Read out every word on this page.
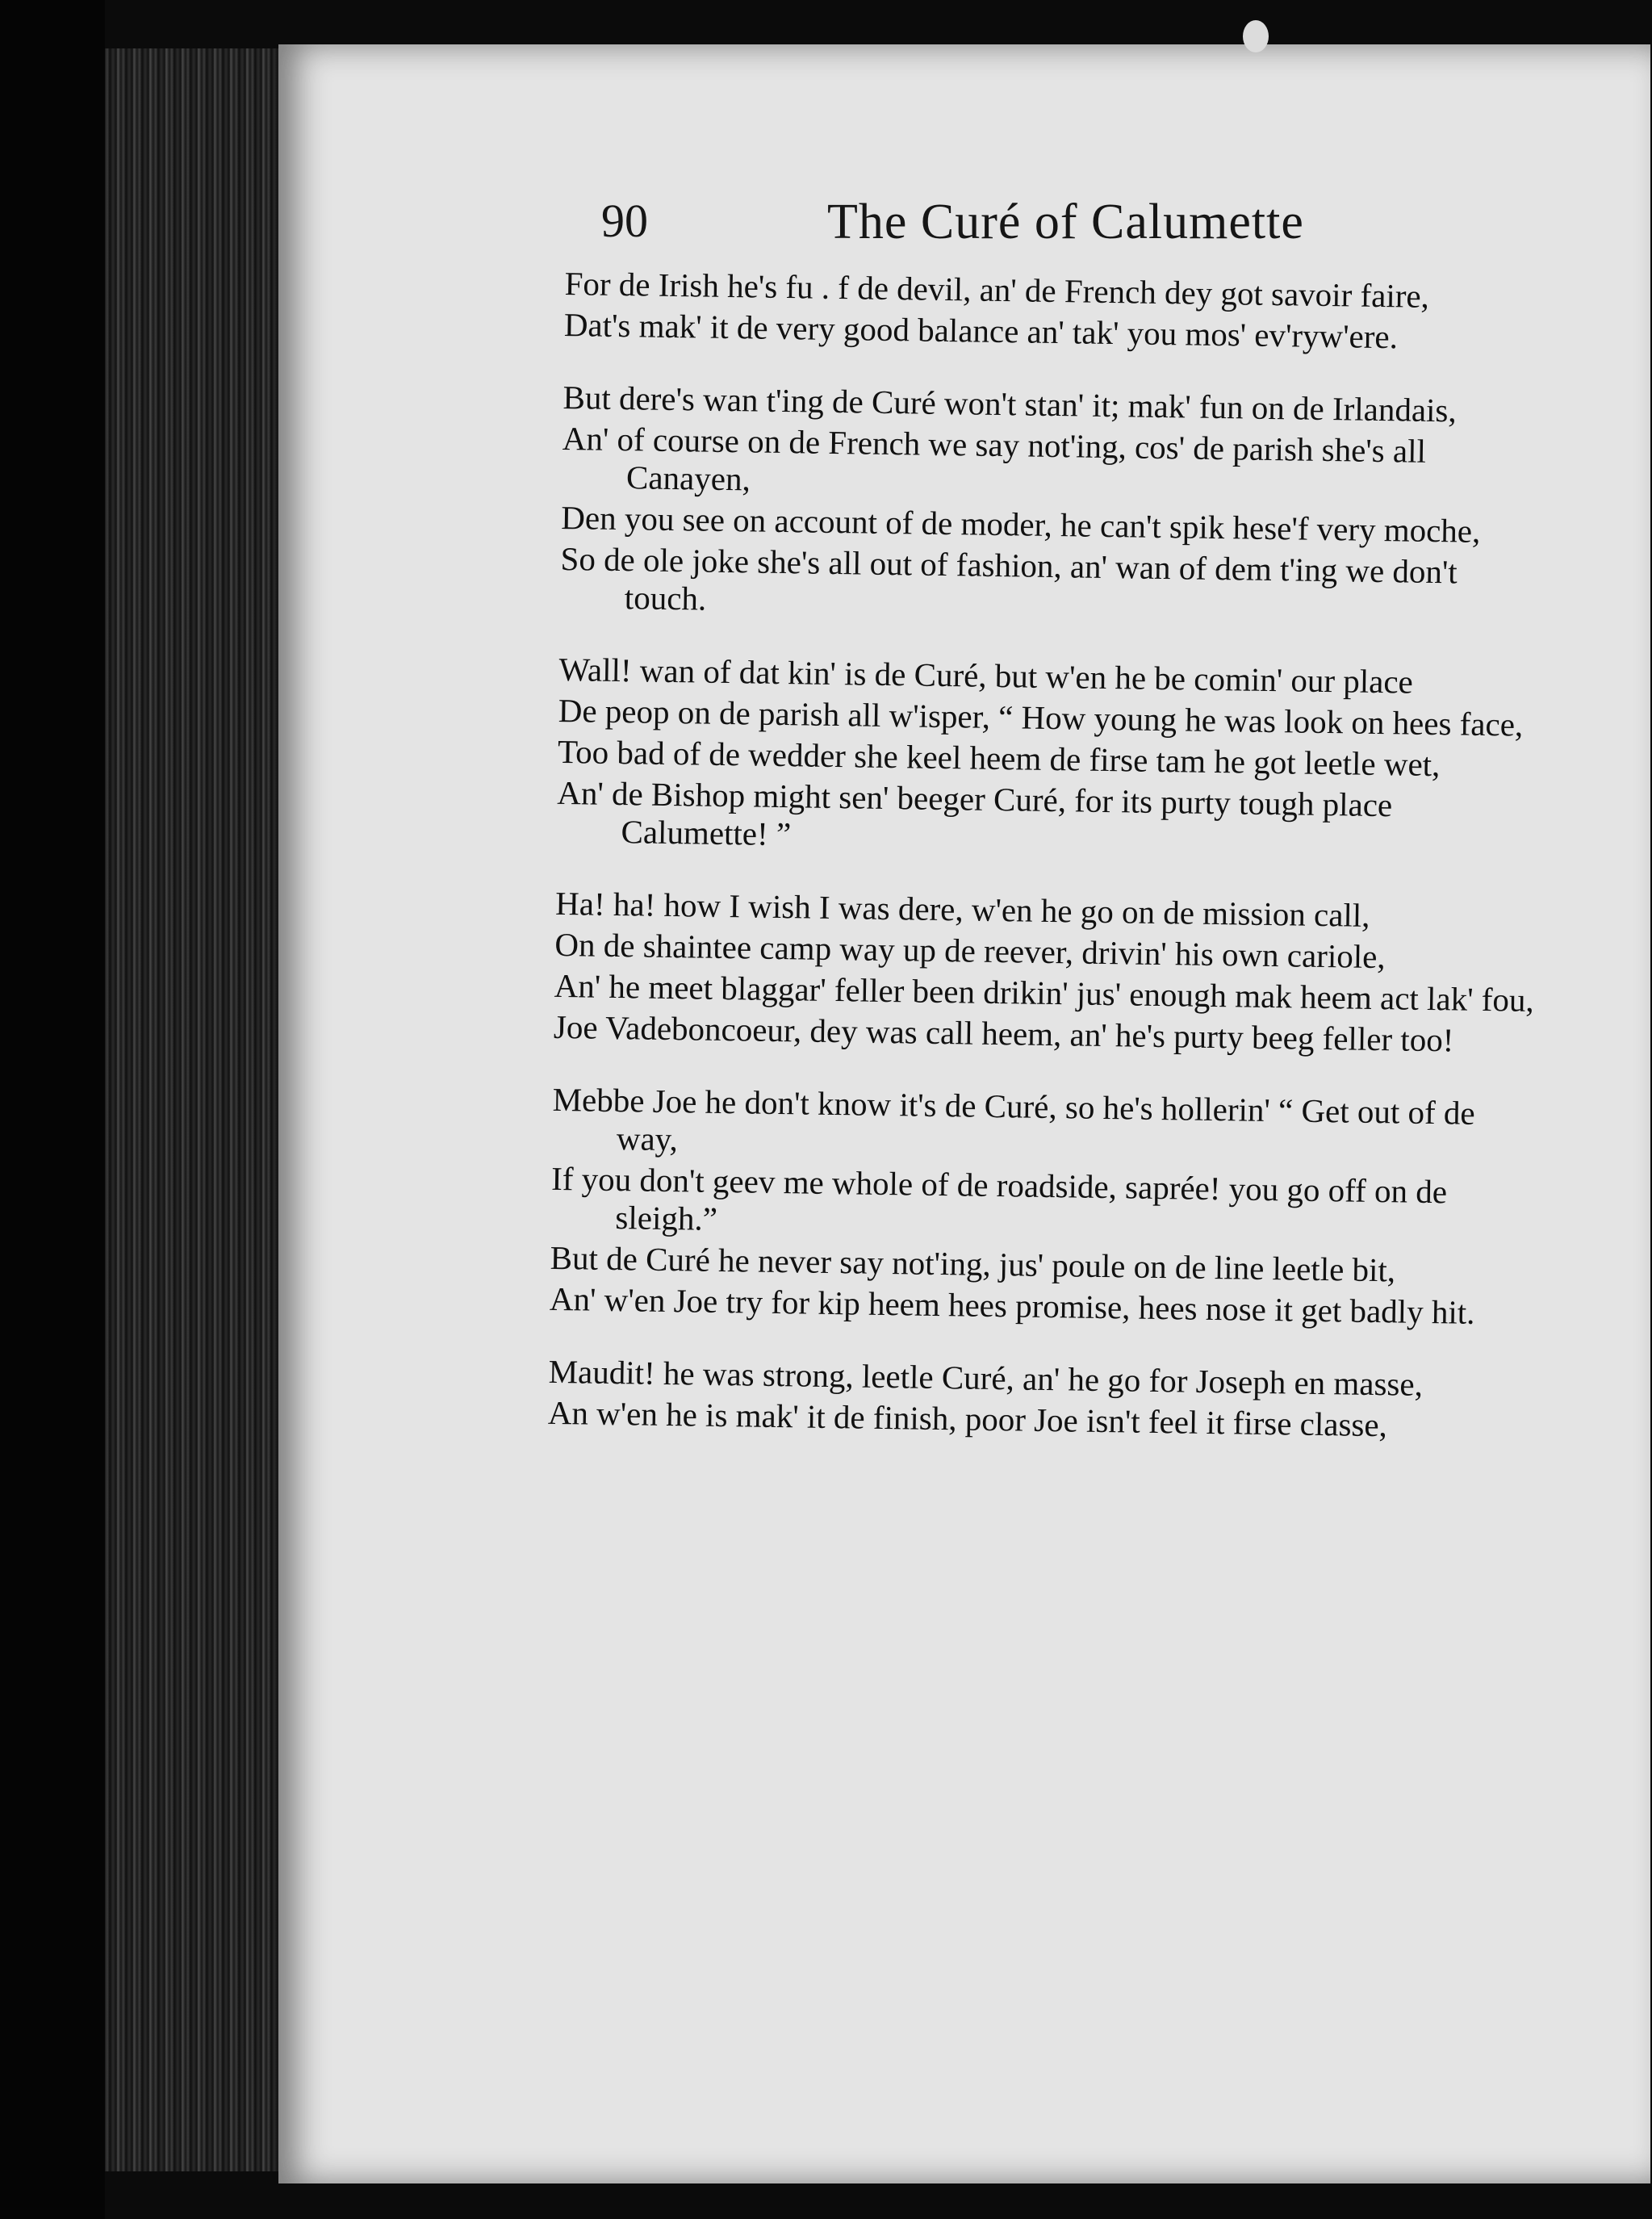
90	The Curé of Calumette
For de Irish he's fu . f de devil, an' de French dey got savoir faire,
Dat's mak' it de very good balance an' tak' you mos' ev'ryw'ere.
But dere's wan t'ing de Curé won't stan' it; mak' fun on de Irlandais,
An' of course on de French we say not'ing, cos' de parish she's all Canayen,
Den you see on account of de moder, he can't spik hese'f very moche,
So de ole joke she's all out of fashion, an' wan of dem t'ing we don't touch.
Wall! wan of dat kin' is de Curé, but w'en he be comin' our place
De peop on de parish all w'isper, “ How young he was look on hees face,
Too bad of de wedder she keel heem de firse tam he got leetle wet,
An' de Bishop might sen' beeger Curé, for its purty tough place Calumette! ”
Ha! ha! how I wish I was dere, w'en he go on de mission call,
On de shaintee camp way up de reever, drivin' his own cariole,
An' he meet blaggar' feller been drikin' jus' enough mak heem act lak' fou,
Joe Vadeboncoeur, dey was call heem, an' he's purty beeg feller too!
Mebbe Joe he don't know it's de Curé, so he's hollerin' “ Get out of de way,
If you don't geev me whole of de roadside, saprée! you go off on de sleigh.”
But de Curé he never say not'ing, jus' poule on de line leetle bit,
An' w'en Joe try for kip heem hees promise, hees nose it get badly hit.
Maudit! he was strong, leetle Curé, an' he go for Joseph en masse,
An w'en he is mak' it de finish, poor Joe isn't feel it firse classe,
